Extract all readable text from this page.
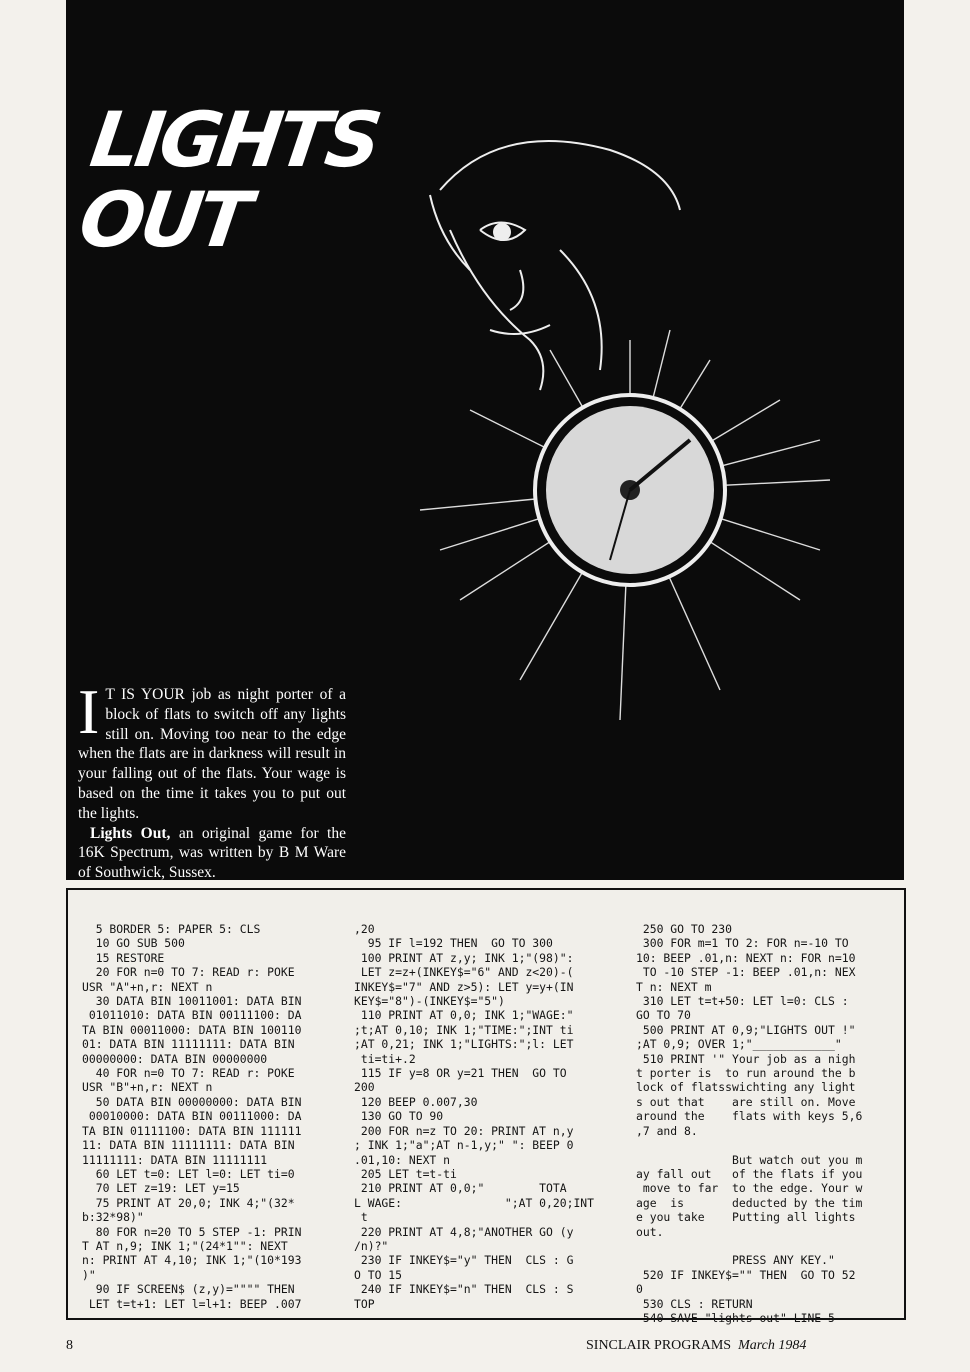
LIGHTS
OUT

I T IS YOUR job as night porter of a block of flats to switch off any lights still on. Moving too near to the edge when the flats are in darkness will result in your falling out of the flats. Your wage is based on the time it takes you to put out the lights.

Lights Out, an original game for the 16K Spectrum, was written by B M Ware of Southwick, Sussex.

5 BORDER 5: PAPER 5: CLS
10 GO SUB 500
15 RESTORE
20 FOR n=0 TO 7: READ r: POKE
USR "A"+n,r: NEXT n
30 DATA BIN 10011001: DATA BIN
01011010: DATA BIN 00111100: DA
TA BIN 00011000: DATA BIN 100110
01: DATA BIN 11111111: DATA BIN
00000000: DATA BIN 00000000
40 FOR n=0 TO 7: READ r: POKE
USR "B"+n,r: NEXT n
50 DATA BIN 00000000: DATA BIN
00010000: DATA BIN 00111000: DA
TA BIN 01111100: DATA BIN 111111
11: DATA BIN 11111111: DATA BIN
11111111: DATA BIN 11111111
60 LET t=0: LET l=0: LET ti=0
70 LET z=19: LET y=15
75 PRINT AT 20,0; INK 4;"(32*
b:32*98)"
80 FOR n=20 TO 5 STEP -1: PRIN
T AT n,9; INK 1;"(24*1"": NEXT
n: PRINT AT 4,10; INK 1;"(10*193
)"
90 IF SCREEN$ (z,y)="""" THEN
LET t=t+1: LET l=l+1: BEEP .007
,20
95 IF l=192 THEN  GO TO 300
100 PRINT AT z,y; INK 1;"(98)":
LET z=z+(INKEY$="6" AND z<20)-(
INKEY$="7" AND z>5): LET y=y+(IN
KEY$="8")-(INKEY$="5")
110 PRINT AT 0,0; INK 1;"WAGE:"
;t;AT 0,10; INK 1;"TIME:";INT ti
;AT 0,21; INK 1;"LIGHTS:";l: LET
ti=ti+.2
115 IF y=8 OR y=21 THEN  GO TO
200
120 BEEP 0.007,30
130 GO TO 90
200 FOR n=z TO 20: PRINT AT n,y
; INK 1;"a";AT n-1,y;" ": BEEP 0
.01,10: NEXT n
205 LET t=t-ti
210 PRINT AT 0,0;"        TOTA
L WAGE:               ";AT 0,20;INT
t
220 PRINT AT 4,8;"ANOTHER GO (y
/n)?"
230 IF INKEY$="y" THEN  CLS : G
O TO 15
240 IF INKEY$="n" THEN  CLS : S
TOP
250 GO TO 230
300 FOR m=1 TO 2: FOR n=-10 TO
10: BEEP .01,n: NEXT n: FOR n=10
TO -10 STEP -1: BEEP .01,n: NEX
T n: NEXT m
310 LET t=t+50: LET l=0: CLS :
GO TO 70
500 PRINT AT 0,9;"LIGHTS OUT !"
;AT 0,9; OVER 1;"____________"
510 PRINT '" Your job as a nigh
t porter is  to run around the b
lock of flatsswichting any light
s out that    are still on. Move
around the    flats with keys 5,6
,7 and 8.

But watch out you m
ay fall out   of the flats if you
move to far  to the edge. Your w
age  is       deducted by the tim
e you take    Putting all lights
out.

PRESS ANY KEY."
520 IF INKEY$="" THEN  GO TO 52
0
530 CLS : RETURN
540 SAVE "lights out" LINE 5
8	SINCLAIR PROGRAMS March 1984
